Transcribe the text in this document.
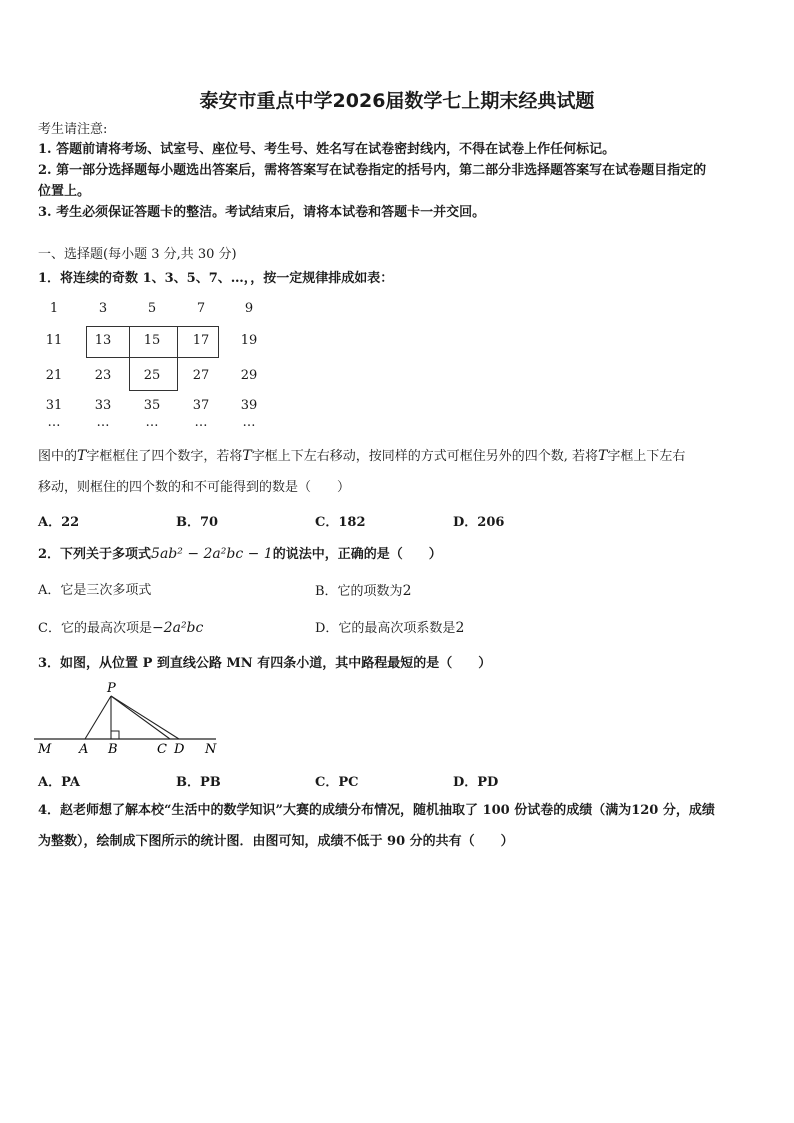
泰安市重点中学2026届数学七上期末经典试题
考生请注意:
1. 答题前请将考场、试室号、座位号、考生号、姓名写在试卷密封线内，不得在试卷上作任何标记。
2. 第一部分选择题每小题选出答案后，需将答案写在试卷指定的括号内，第二部分非选择题答案写在试卷题目指定的
位置上。
3. 考生必须保证答题卡的整洁。考试结束后，请将本试卷和答题卡一并交回。
一、选择题(每小题 3 分,共 30 分)
1．将连续的奇数 1、3、5、7、…，，按一定规律排成如表：
1	3	5	7	9
11	13	15	17	19
21	23	25	27	29
31	33	35	37	39
…	…	…	…	…
图中的T字框框住了四个数字，若将T字框上下左右移动，按同样的方式可框住另外的四个数, 若将T字框上下左右
移动，则框住的四个数的和不可能得到的数是（　　）
A．22	B．70	C．182	D．206
2．下列关于多项式5ab² − 2a²bc − 1的说法中，正确的是（　　）
A．它是三次多项式	B．它的项数为2
C．它的最高次项是−2a²bc	D．它的最高次项系数是2
3．如图，从位置 P 到直线公路 MN 有四条小道，其中路程最短的是（　　）
P
M A B	C D N
A．PA	B．PB	C．PC	D．PD
4．赵老师想了解本校“生活中的数学知识”大赛的成绩分布情况，随机抽取了 100 份试卷的成绩（满为120 分，成绩
为整数），绘制成下图所示的统计图．由图可知，成绩不低于 90 分的共有（　　）
